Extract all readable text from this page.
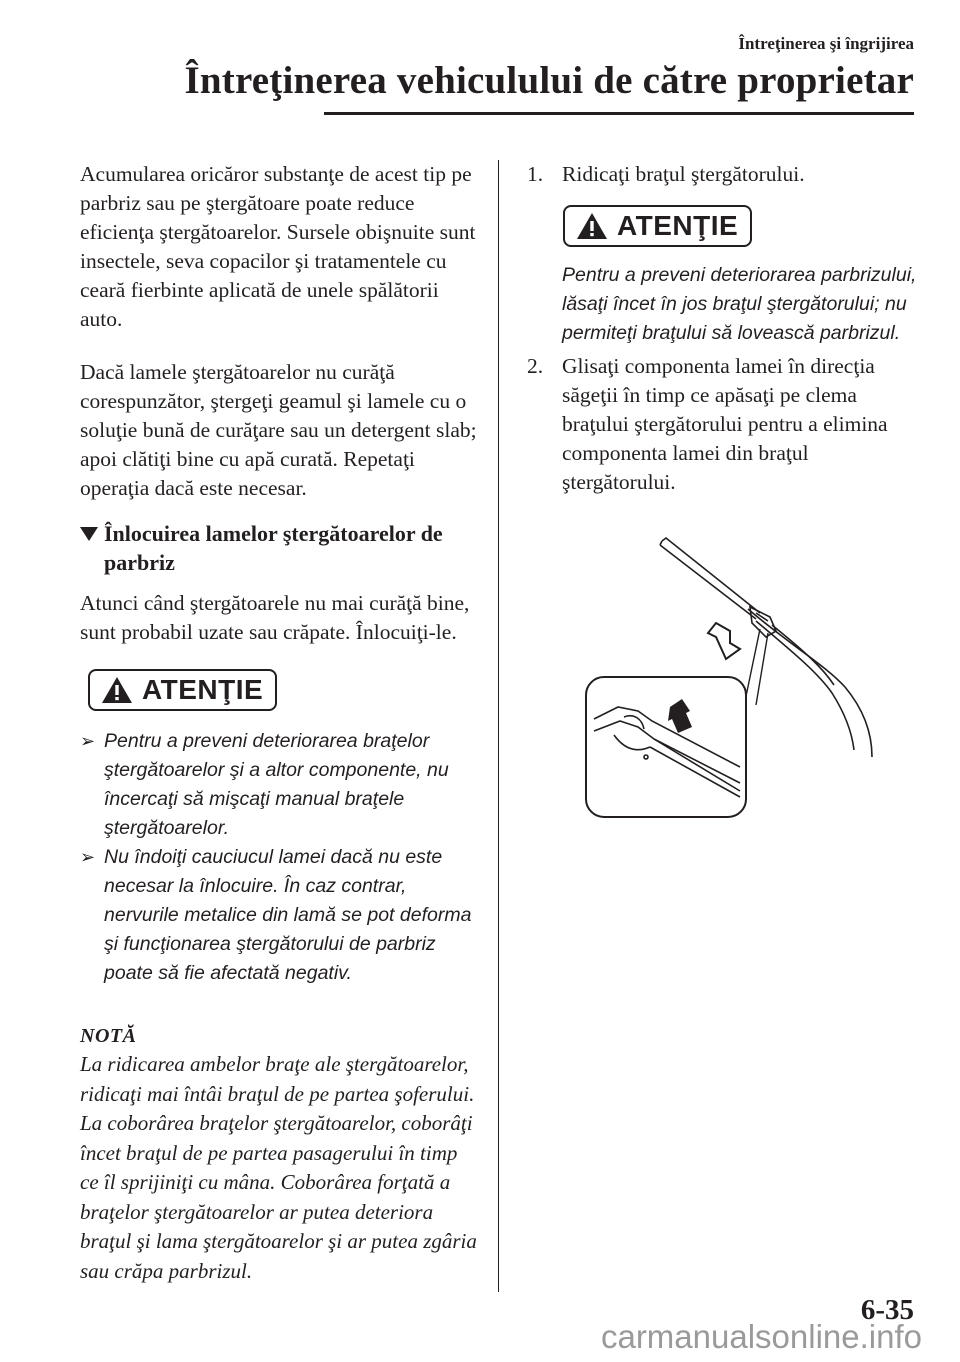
Întreţinerea şi îngrijirea
Întreţinerea vehiculului de către proprietar

Acumularea oricăror substanţe de acest tip pe parbriz sau pe ştergătoare poate reduce eficienţa ştergătoarelor. Sursele obişnuite sunt insectele, seva copacilor şi tratamentele cu ceară fierbinte aplicată de unele spălătorii auto.

Dacă lamele ştergătoarelor nu curăţă corespunzător, ştergeţi geamul şi lamele cu o soluţie bună de curăţare sau un detergent slab; apoi clătiţi bine cu apă curată. Repetaţi operaţia dacă este necesar.

Înlocuirea lamelor ştergătoarelor de parbriz

Atunci când ştergătoarele nu mai curăţă bine, sunt probabil uzate sau crăpate. Înlocuiţi-le.

ATENŢIE
➢ Pentru a preveni deteriorarea braţelor ştergătoarelor şi a altor componente, nu încercaţi să mişcaţi manual braţele ştergătoarelor.
➢ Nu îndoiţi cauciucul lamei dacă nu este necesar la înlocuire. În caz contrar, nervurile metalice din lamă se pot deforma şi funcţionarea ştergătorului de parbriz poate să fie afectată negativ.
NOTĂ

La ridicarea ambelor braţe ale ştergătoarelor, ridicaţi mai întâi braţul de pe partea şoferului. La coborârea braţelor ştergătoarelor, coborâţi încet braţul de pe partea pasagerului în timp ce îl sprijiniţi cu mâna. Coborârea forţată a braţelor ştergătoarelor ar putea deteriora braţul şi lama ştergătoarelor şi ar putea zgâria sau crăpa parbrizul.

1. Ridicaţi braţul ştergătorului.
ATENŢIE
Pentru a preveni deteriorarea parbrizului, lăsaţi încet în jos braţul ştergătorului; nu permiteţi braţului să lovească parbrizul.
2. Glisaţi componenta lamei în direcţia săgeţii în timp ce apăsaţi pe clema braţului ştergătorului pentru a elimina componenta lamei din braţul ştergătorului.
6-35
carmanualsonline.info
